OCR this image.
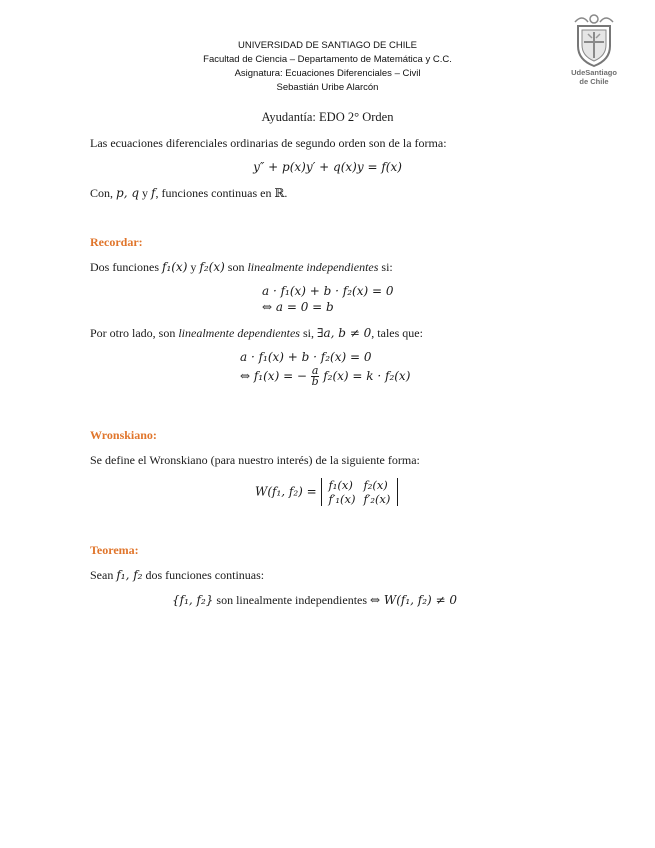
UNIVERSIDAD DE SANTIAGO DE CHILE
Facultad de Ciencia – Departamento de Matemática y C.C.
Asignatura: Ecuaciones Diferenciales – Civil
Sebastián Uribe Alarcón
UdeSantiago
de Chile
Ayudantía: EDO 2° Orden
Las ecuaciones diferenciales ordinarias de segundo orden son de la forma:
y″ + p(x)y′ + q(x)y = f(x)
Con, p, q y f, funciones continuas en ℝ.
Recordar:
Dos funciones f₁(x) y f₂(x) son linealmente independientes si:
a · f₁(x) + b · f₂(x) = 0
⇔ a = 0 = b
Por otro lado, son linealmente dependientes si, ∃a, b ≠ 0, tales que:
a · f₁(x) + b · f₂(x) = 0
⇔ f₁(x) = − $\frac{a}{b} f_2(x) = k \cdot f_2(x)$
Wronskiano:
Se define el Wronskiano (para nuestro interés) de la siguiente forma:
W(f₁, f₂) = f₁(x)	f₂(x)
f′₁(x)	f′₂(x)
Teorema:
Sean f₁, f₂ dos funciones continuas:
{f₁, f₂} son linealmente independientes ⇔ W(f₁, f₂) ≠ 0
